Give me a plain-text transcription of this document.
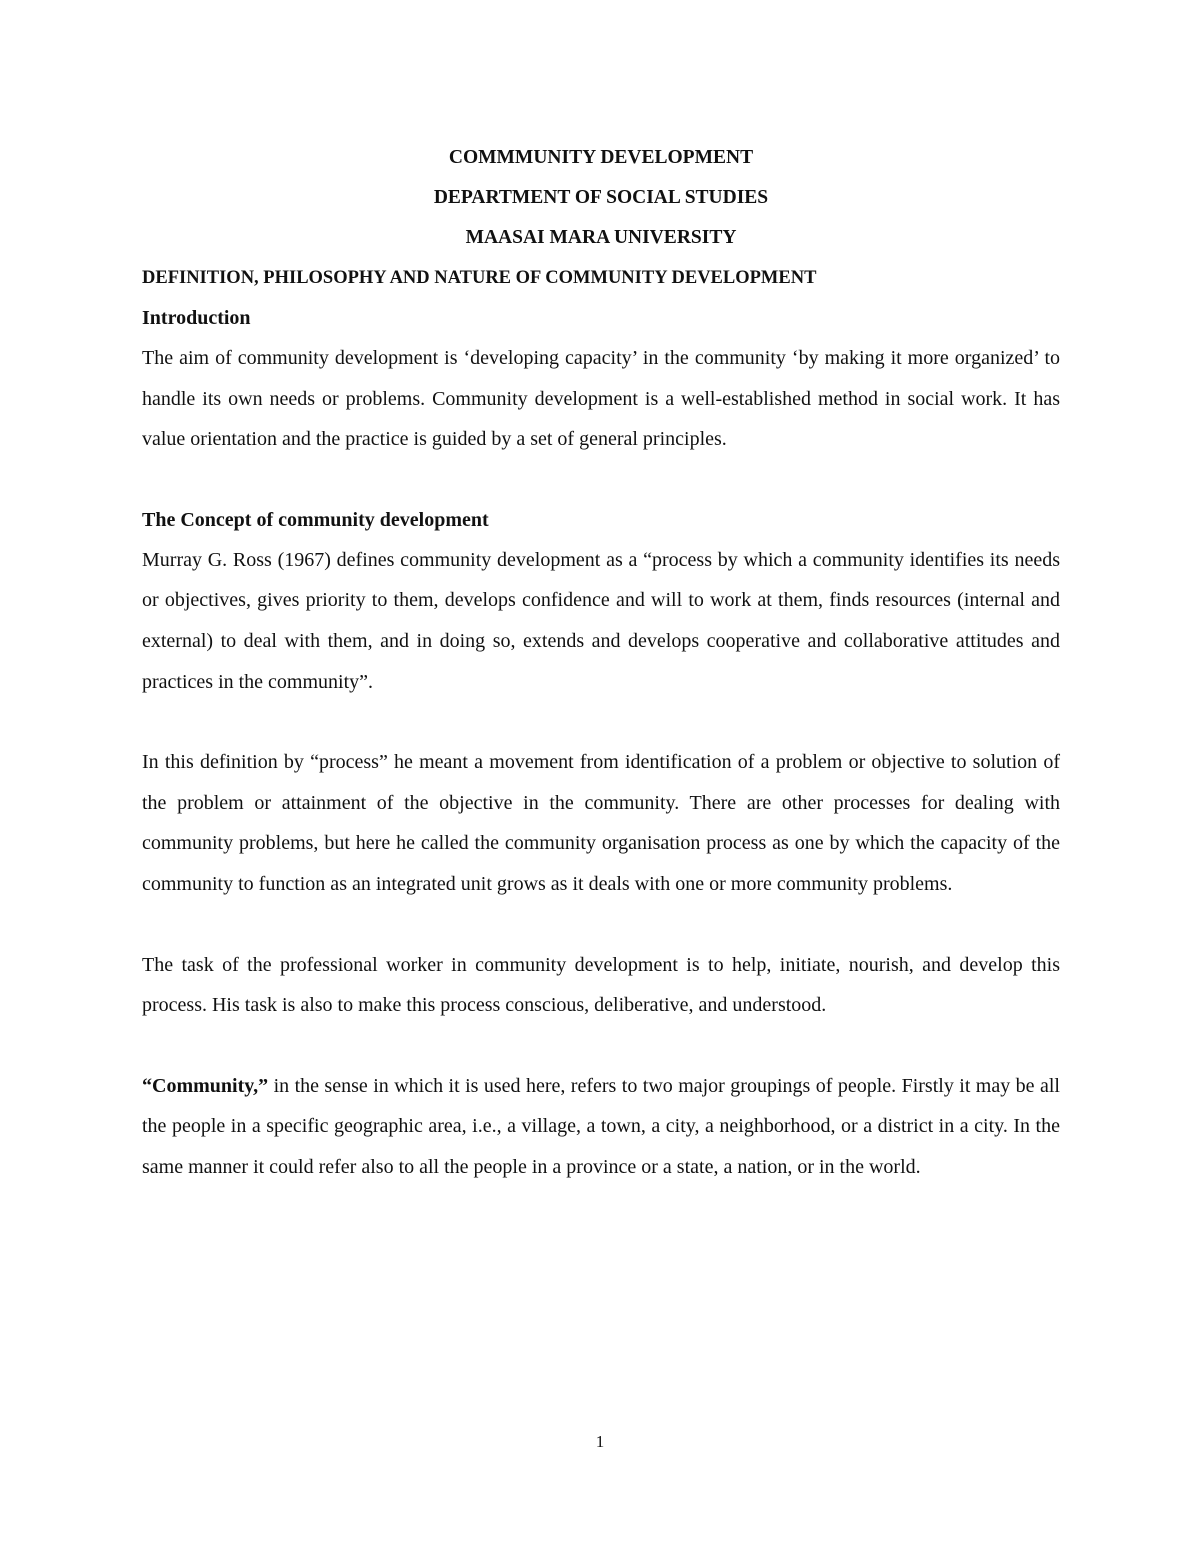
COMMMUNITY DEVELOPMENT
DEPARTMENT OF SOCIAL STUDIES
MAASAI MARA UNIVERSITY
DEFINITION, PHILOSOPHY AND NATURE OF COMMUNITY DEVELOPMENT
Introduction

The aim of community development is ‘developing capacity’ in the community ‘by making it more organized’ to handle its own needs or problems. Community development is a well-established method in social work. It has value orientation and the practice is guided by a set of general principles.

The Concept of community development

Murray G. Ross (1967) defines community development as a “process by which a community identifies its needs or objectives, gives priority to them, develops confidence and will to work at them, finds resources (internal and external) to deal with them, and in doing so, extends and develops cooperative and collaborative attitudes and practices in the community”.

In this definition by “process” he meant a movement from identification of a problem or objective to solution of the problem or attainment of the objective in the community. There are other processes for dealing with community problems, but here he called the community organisation process as one by which the capacity of the community to function as an integrated unit grows as it deals with one or more community problems.

The task of the professional worker in community development is to help, initiate, nourish, and develop this process. His task is also to make this process conscious, deliberative, and understood.

“Community,” in the sense in which it is used here, refers to two major groupings of people. Firstly it may be all the people in a specific geographic area, i.e., a village, a town, a city, a neighborhood, or a district in a city. In the same manner it could refer also to all the people in a province or a state, a nation, or in the world.

1
